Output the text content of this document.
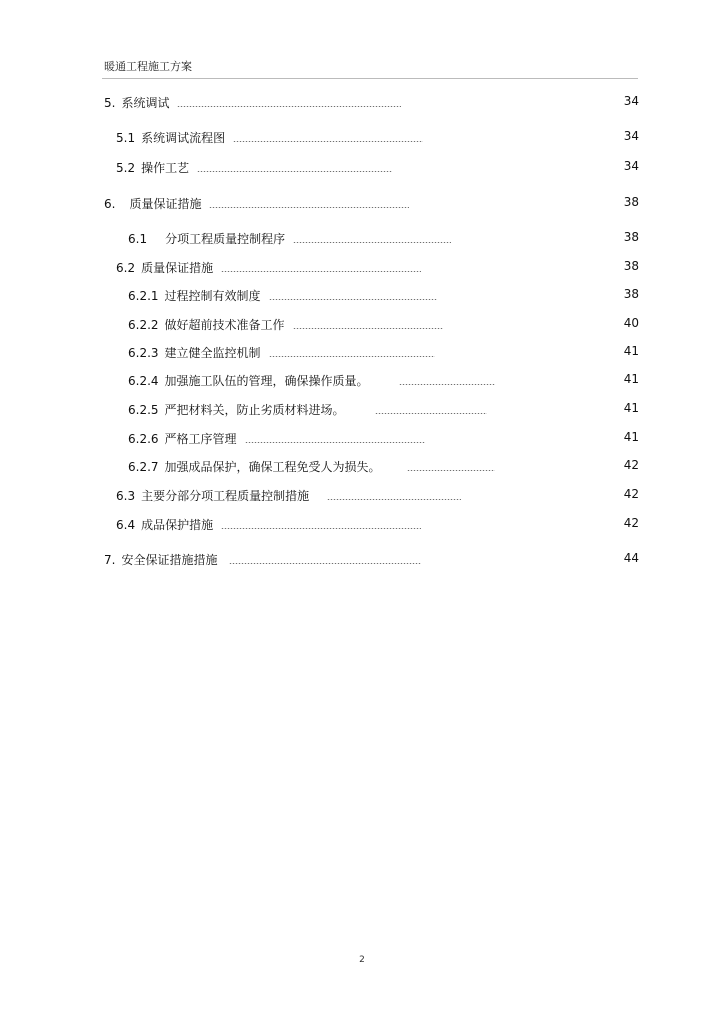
暖通工程施工方案
5. 系统调试	34
5.1 系统调试流程图	34
5.2 操作工艺	34
6. 质量保证措施	38
6.1 分项工程质量控制程序	38
6.2 质量保证措施	38
6.2.1 过程控制有效制度	38
6.2.2 做好超前技术准备工作	40
6.2.3 建立健全监控机制	41
6.2.4 加强施工队伍的管理，确保操作质量。	41
6.2.5 严把材料关，防止劣质材料进场。	41
6.2.6 严格工序管理	41
6.2.7 加强成品保护，确保工程免受人为损失。	42
6.3 主要分部分项工程质量控制措施	42
6.4 成品保护措施	42
7. 安全保证措施措施	44
2
